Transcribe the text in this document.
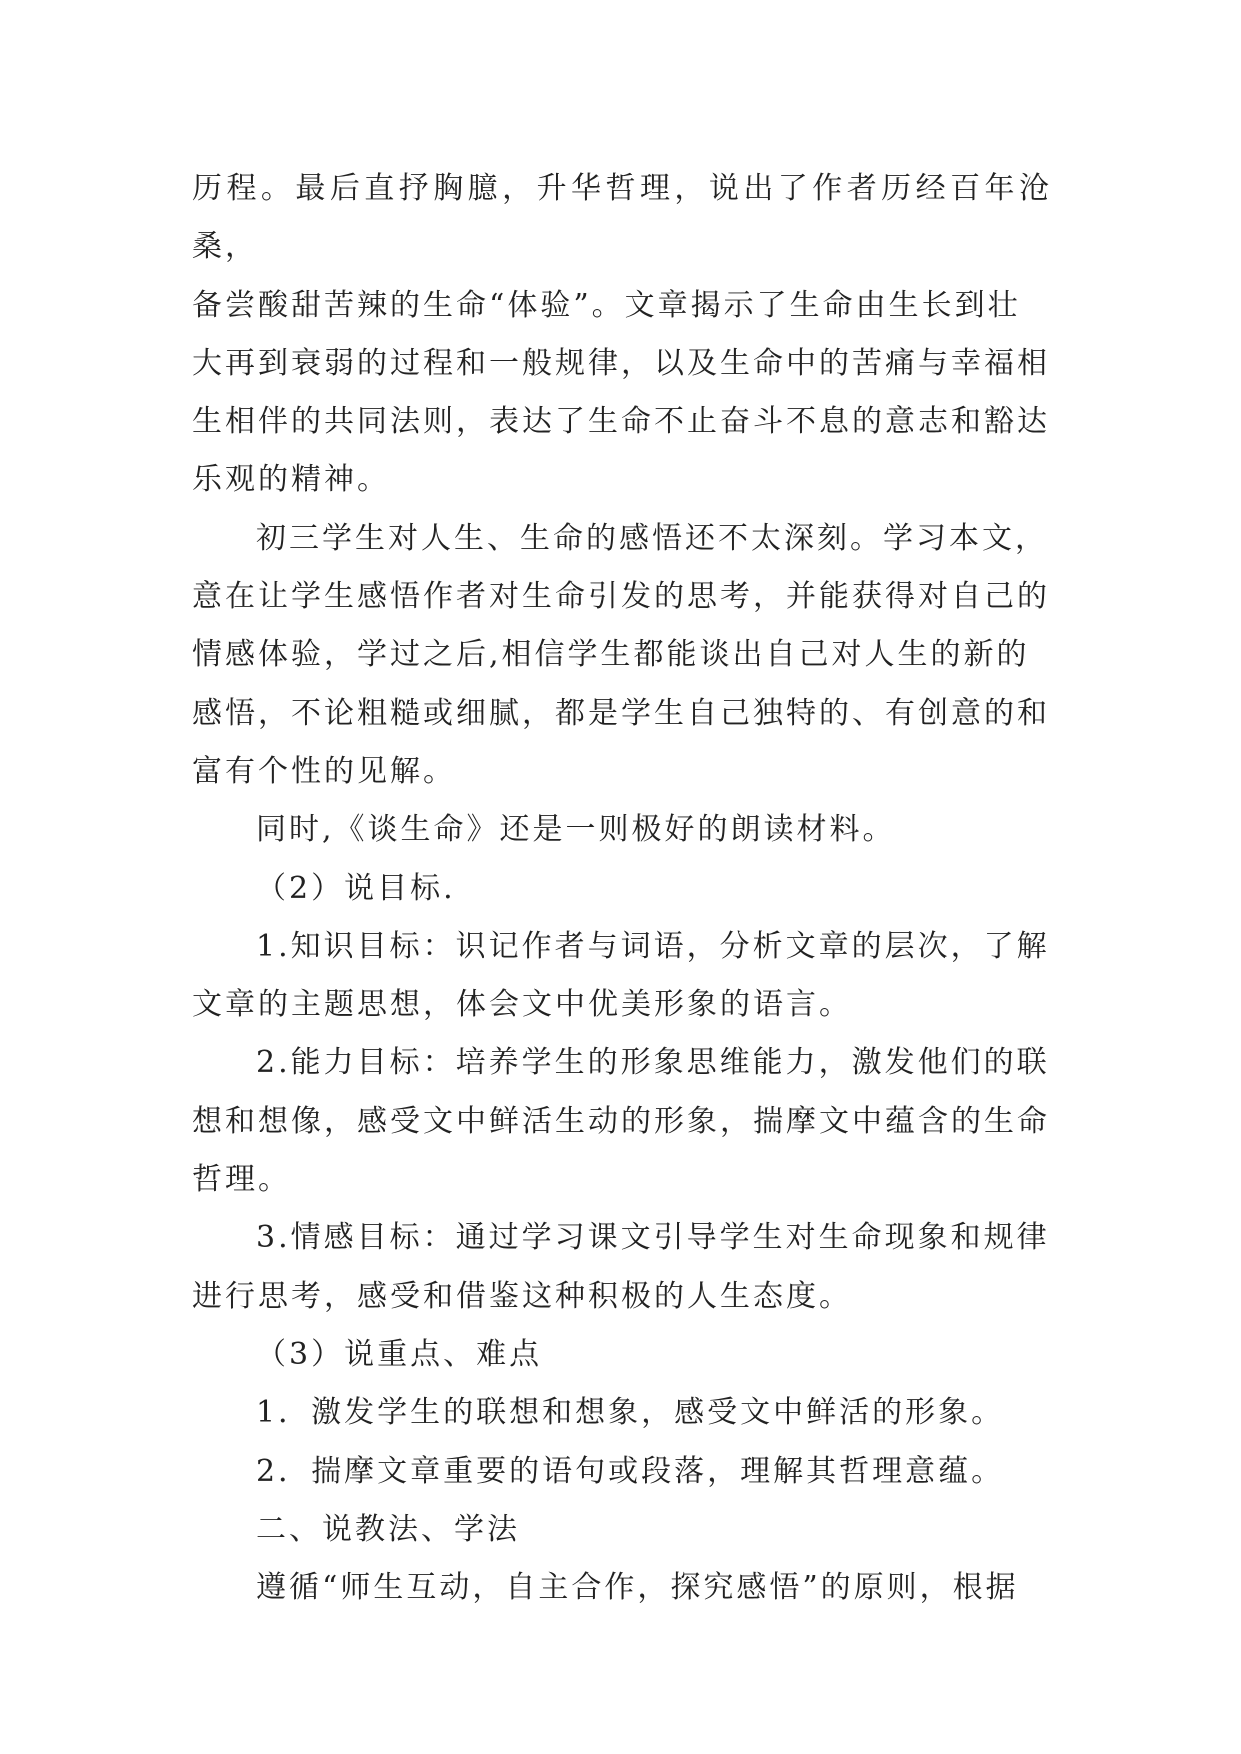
历程。最后直抒胸臆，升华哲理，说出了作者历经百年沧桑，
备尝酸甜苦辣的生命“体验”。文章揭示了生命由生长到壮
大再到衰弱的过程和一般规律，以及生命中的苦痛与幸福相
生相伴的共同法则，表达了生命不止奋斗不息的意志和豁达
乐观的精神。

初三学生对人生、生命的感悟还不太深刻。学习本文，
意在让学生感悟作者对生命引发的思考，并能获得对自己的
情感体验，学过之后,相信学生都能谈出自己对人生的新的
感悟，不论粗糙或细腻，都是学生自己独特的、有创意的和
富有个性的见解。

同时,《谈生命》还是一则极好的朗读材料。

（2）说目标.

1.知识目标：识记作者与词语，分析文章的层次，了解
文章的主题思想，体会文中优美形象的语言。

2.能力目标：培养学生的形象思维能力，激发他们的联
想和想像，感受文中鲜活生动的形象，揣摩文中蕴含的生命
哲理。

3.情感目标：通过学习课文引导学生对生命现象和规律
进行思考，感受和借鉴这种积极的人生态度。

（3）说重点、难点

1．激发学生的联想和想象，感受文中鲜活的形象。

2．揣摩文章重要的语句或段落，理解其哲理意蕴。

二、说教法、学法

遵循“师生互动，自主合作，探究感悟”的原则，根据
